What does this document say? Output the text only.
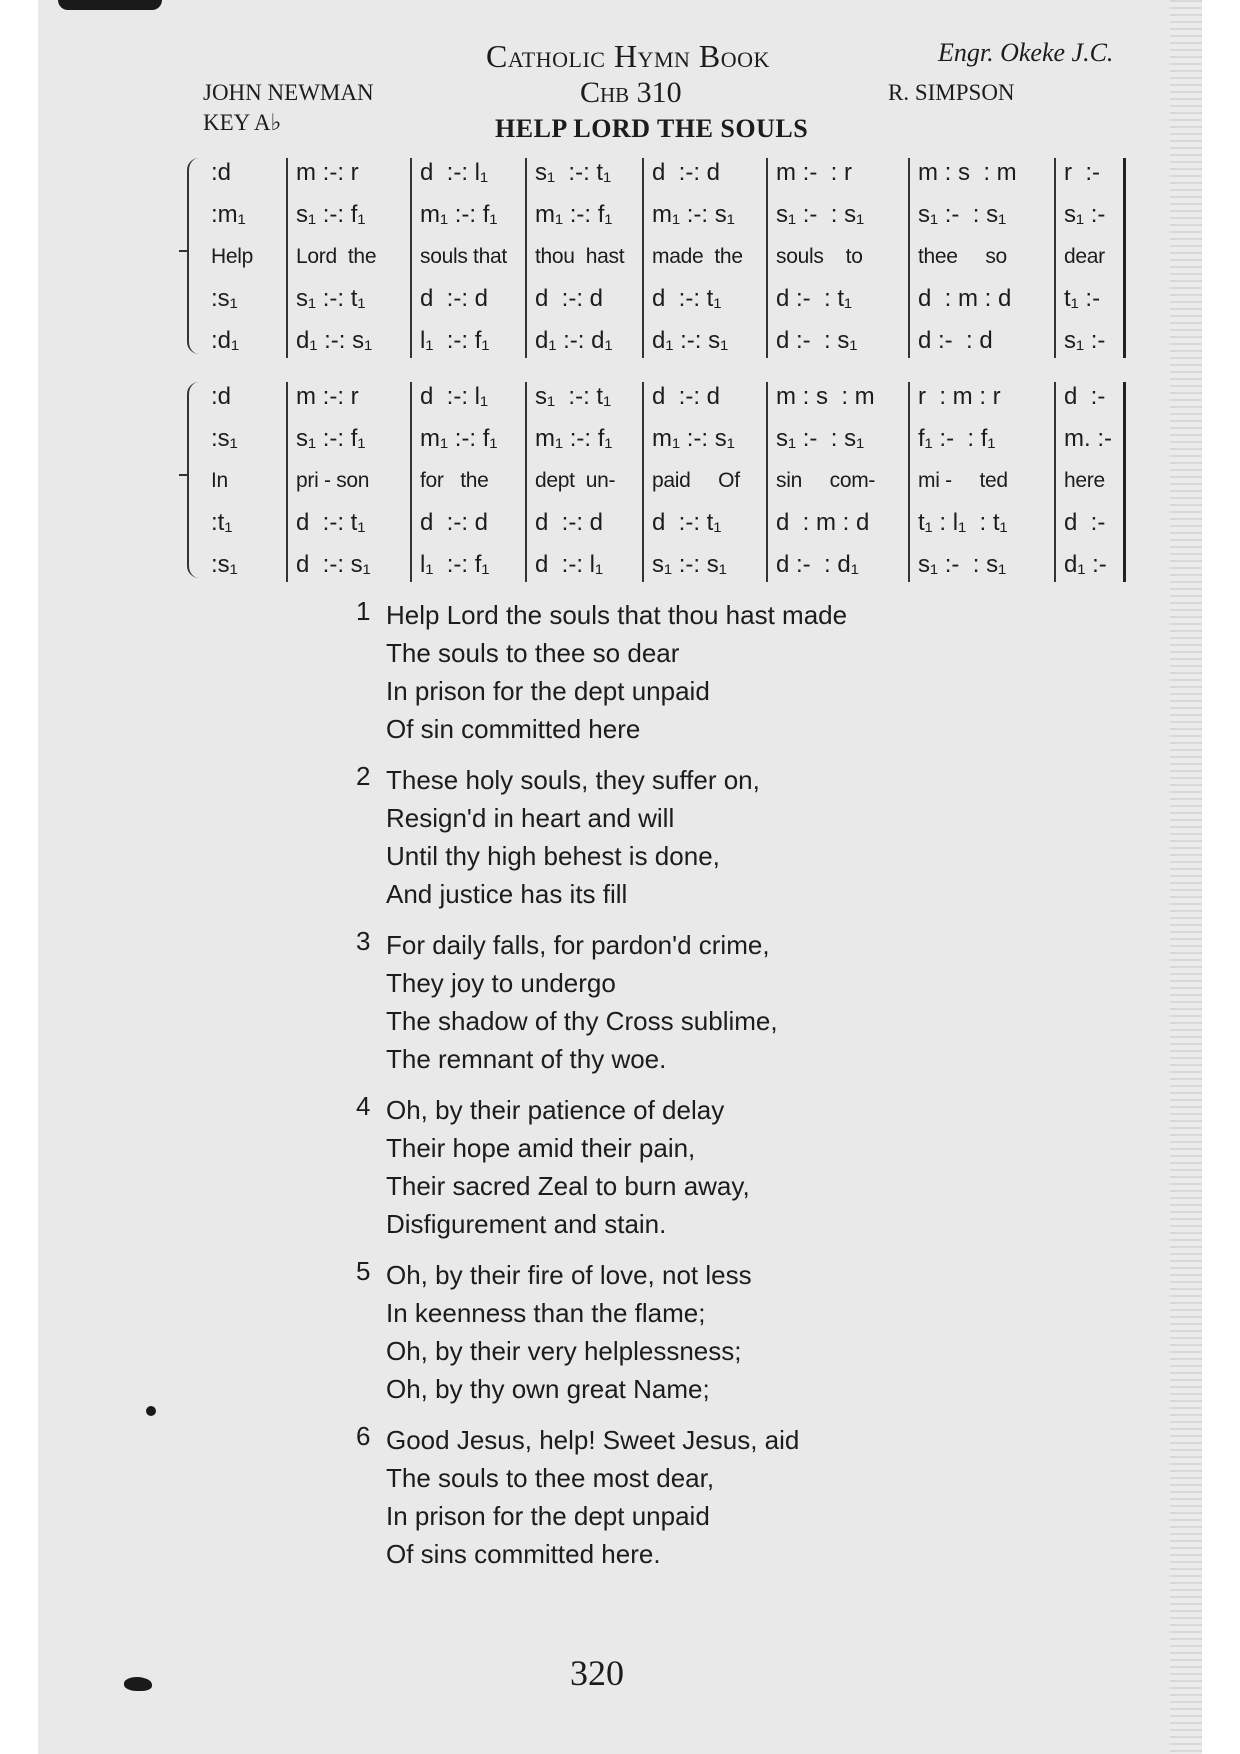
Catholic Hymn Book
Chb 310
HELP LORD THE SOULS
Engr. Okeke J.C.
JOHN NEWMAN
KEY A♭
R. SIMPSON
:d	m :-: r	d  :-: l₁	s₁  :-: t₁	d  :-: d	m :-  : r	m : s  : m	r  :-
:m₁	s₁ :-: f₁	m₁ :-: f₁	m₁ :-: f₁	m₁ :-: s₁	s₁ :-  : s₁	s₁ :-  : s₁	s₁ :-
Help	Lord  the	souls that	thou  hast	made  the	souls    to	thee     so	dear
:s₁	s₁ :-: t₁	d  :-: d	d  :-: d	d  :-: t₁	d :-  : t₁	d  : m : d	t₁ :-
:d₁	d₁ :-: s₁	l₁  :-: f₁	d₁ :-: d₁	d₁ :-: s₁	d :-  : s₁	d :-  : d	s₁ :-
:d	m :-: r	d  :-: l₁	s₁  :-: t₁	d  :-: d	m : s  : m	r  : m : r	d  :-
:s₁	s₁ :-: f₁	m₁ :-: f₁	m₁ :-: f₁	m₁ :-: s₁	s₁ :-  : s₁	f₁ :-  : f₁	m. :-
In	pri - son	for   the	dept  un-	paid     Of	sin     com-	mi -     ted	here
:t₁	d  :-: t₁	d  :-: d	d  :-: d	d  :-: t₁	d  : m : d	t₁ : l₁  : t₁	d  :-
:s₁	d  :-: s₁	l₁  :-: f₁	d  :-: l₁	s₁ :-: s₁	d :-  : d₁	s₁ :-  : s₁	d₁ :-
1 Help Lord the souls that thou hast made
The souls to thee so dear
In prison for the dept unpaid
Of sin committed here
2 These holy souls, they suffer on,
Resign'd in heart and will
Until thy high behest is done,
And justice has its fill
3 For daily falls, for pardon'd crime,
They joy to undergo
The shadow of thy Cross sublime,
The remnant of thy woe.
4 Oh, by their patience of delay
Their hope amid their pain,
Their sacred Zeal to burn away,
Disfigurement and stain.
5 Oh, by their fire of love, not less
In keenness than the flame;
Oh, by their very helplessness;
Oh, by thy own great Name;
6 Good Jesus, help! Sweet Jesus, aid
The souls to thee most dear,
In prison for the dept unpaid
Of sins committed here.
320
